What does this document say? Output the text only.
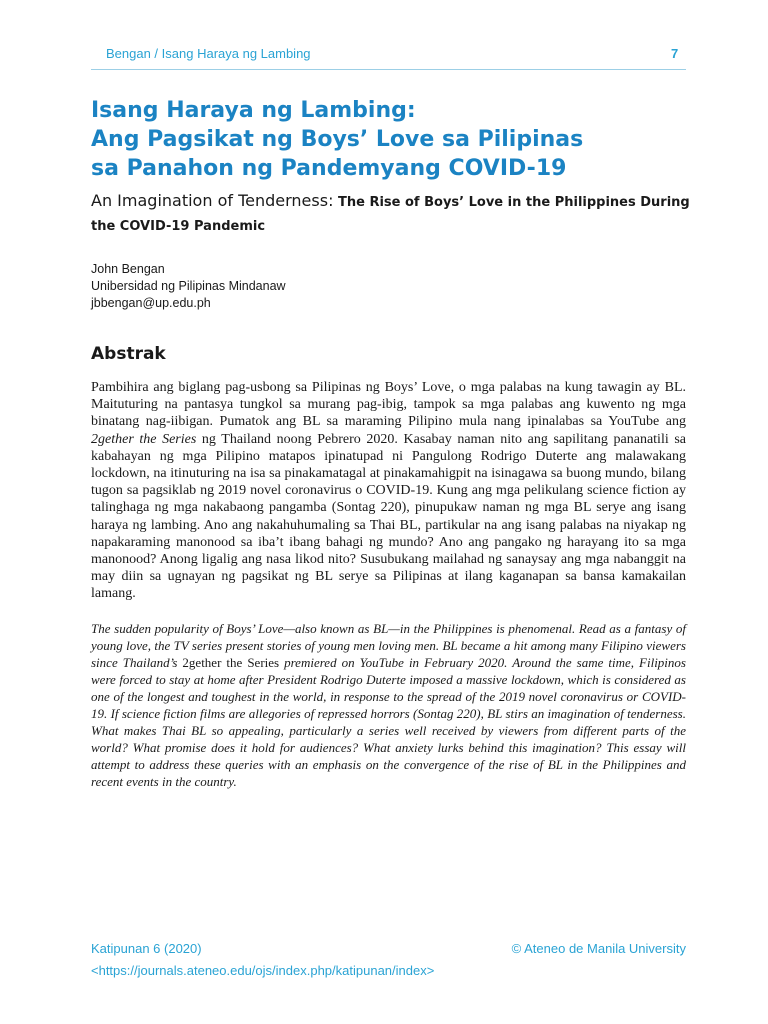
Bengan / Isang Haraya ng Lambing	7
Isang Haraya ng Lambing:
Ang Pagsikat ng Boys’ Love sa Pilipinas
sa Panahon ng Pandemyang COVID-19
An Imagination of Tenderness: The Rise of Boys’ Love in the Philippines During the COVID-19 Pandemic
John Bengan
Unibersidad ng Pilipinas Mindanaw
jbbengan@up.edu.ph
Abstrak

Pambihira ang biglang pag-usbong sa Pilipinas ng Boys’ Love, o mga palabas na kung tawagin ay BL. Maituturing na pantasya tungkol sa murang pag-ibig, tampok sa mga palabas ang kuwento ng mga binatang nag-iibigan. Pumatok ang BL sa maraming Pilipino mula nang ipinalabas sa YouTube ang 2gether the Series ng Thailand noong Pebrero 2020. Kasabay naman nito ang sapilitang pananatili sa kabahayan ng mga Pilipino matapos ipinatupad ni Pangulong Rodrigo Duterte ang malawakang lockdown, na itinuturing na isa sa pinakamatagal at pinakamahigpit na isinagawa sa buong mundo, bilang tugon sa pagsiklab ng 2019 novel coronavirus o COVID-19. Kung ang mga pelikulang science fiction ay talinghaga ng mga nakabaong pangamba (Sontag 220), pinupukaw naman ng mga BL serye ang isang haraya ng lambing. Ano ang nakahuhumaling sa Thai BL, partikular na ang isang palabas na niyakap ng napakaraming manonood sa iba’t ibang bahagi ng mundo? Ano ang pangako ng harayang ito sa mga manonood? Anong ligalig ang nasa likod nito? Susubukang mailahad ng sanaysay ang mga nabanggit na may diin sa ugnayan ng pagsikat ng BL serye sa Pilipinas at ilang kaganapan sa bansa kamakailan lamang.

The sudden popularity of Boys’ Love—also known as BL—in the Philippines is phenomenal. Read as a fantasy of young love, the TV series present stories of young men loving men. BL became a hit among many Filipino viewers since Thailand’s 2gether the Series premiered on YouTube in February 2020. Around the same time, Filipinos were forced to stay at home after President Rodrigo Duterte imposed a massive lockdown, which is considered as one of the longest and toughest in the world, in response to the spread of the 2019 novel coronavirus or COVID-19. If science fiction films are allegories of repressed horrors (Sontag 220), BL stirs an imagination of tenderness. What makes Thai BL so appealing, particularly a series well received by viewers from different parts of the world? What promise does it hold for audiences? What anxiety lurks behind this imagination? This essay will attempt to address these queries with an emphasis on the convergence of the rise of BL in the Philippines and recent events in the country.

Katipunan 6 (2020)
<https://journals.ateneo.edu/ojs/index.php/katipunan/index>
© Ateneo de Manila University
